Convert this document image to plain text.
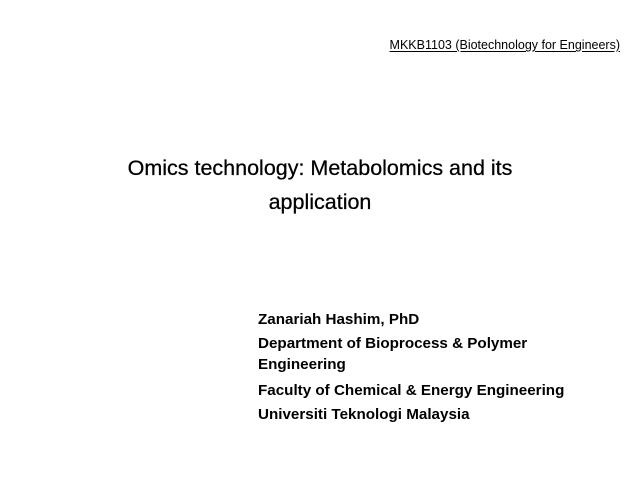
MKKB1103 (Biotechnology for Engineers)
Omics technology: Metabolomics and its
application
Zanariah Hashim, PhD
Department of Bioprocess & Polymer
Engineering
Faculty of Chemical & Energy Engineering
Universiti Teknologi Malaysia
